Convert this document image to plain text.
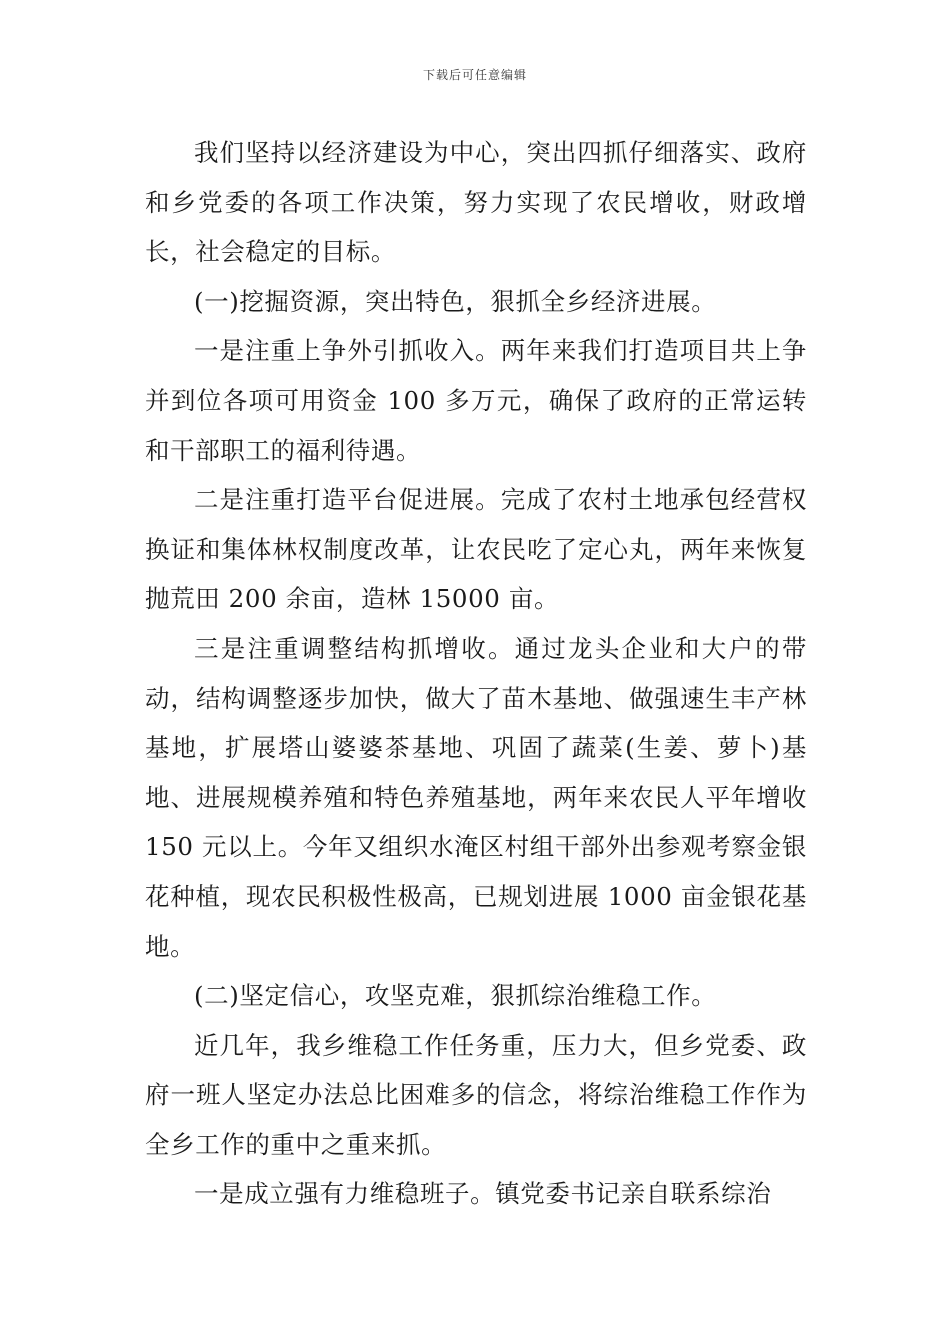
下载后可任意编辑

我们坚持以经济建设为中心，突出四抓仔细落实、政府和乡党委的各项工作决策，努力实现了农民增收，财政增长，社会稳定的目标。

(一)挖掘资源，突出特色，狠抓全乡经济进展。

一是注重上争外引抓收入。两年来我们打造项目共上争并到位各项可用资金 100 多万元，确保了政府的正常运转和干部职工的福利待遇。

二是注重打造平台促进展。完成了农村土地承包经营权换证和集体林权制度改革，让农民吃了定心丸，两年来恢复抛荒田 200 余亩，造林 15000 亩。

三是注重调整结构抓增收。通过龙头企业和大户的带动，结构调整逐步加快，做大了苗木基地、做强速生丰产林基地，扩展塔山婆婆茶基地、巩固了蔬菜(生姜、萝卜)基地、进展规模养殖和特色养殖基地，两年来农民人平年增收 150 元以上。今年又组织水淹区村组干部外出参观考察金银花种植，现农民积极性极高，已规划进展 1000 亩金银花基地。

(二)坚定信心，攻坚克难，狠抓综治维稳工作。

近几年，我乡维稳工作任务重，压力大，但乡党委、政府一班人坚定办法总比困难多的信念，将综治维稳工作作为全乡工作的重中之重来抓。

一是成立强有力维稳班子。镇党委书记亲自联系综治
